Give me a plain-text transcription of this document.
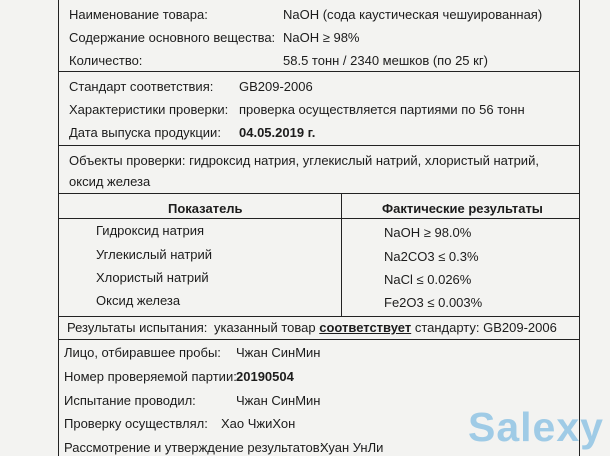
Наименование товара:	NaOH (сода каустическая чешуированная)
Содержание основного вещества: NaOH ≥ 98%
Количество:	58.5 тонн / 2340 мешков (по 25 кг)
Стандарт соответствия: GB209-2006
Характеристики проверки: проверка осуществляется партиями по 56 тонн
Дата выпуска продукции: 04.05.2019 г.
Объекты проверки: гидроксид натрия, углекислый натрий, хлористый натрий,
оксид железа
Показатель	Фактические результаты
Гидроксид натрия	NaOH ≥ 98.0%
Углекислый натрий	Na2CO3 ≤ 0.3%
Хлористый натрий	NaCl ≤ 0.026%
Оксид железа	Fe2O3 ≤ 0.003%
Результаты испытания: указанный товар соответствует стандарту: GB209-2006
Лицо, отбиравшее пробы: Чжан СинМин
Номер проверяемой партии: 20190504
Испытание проводил:	Чжан СинМин
Проверку осуществлял: Хао ЧжиХон
Рассмотрение и утверждение результатов:
Хуан УнЛи Salexy
